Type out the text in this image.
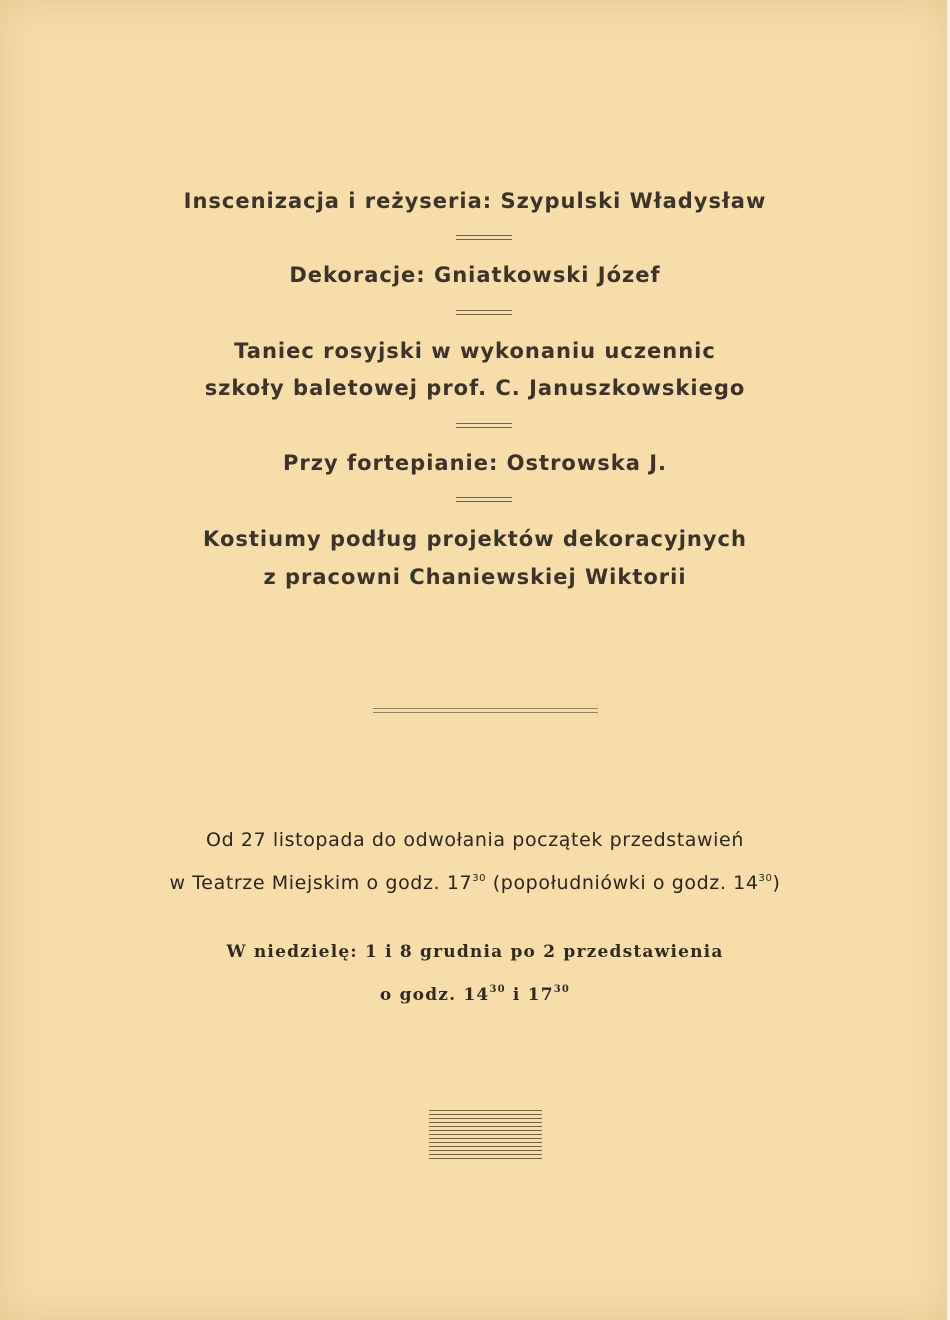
Inscenizacja i reżyseria: Szypulski Władysław
Dekoracje: Gniatkowski Józef
Taniec rosyjski w wykonaniu uczennic
szkoły baletowej prof. C. Januszkowskiego
Przy fortepianie: Ostrowska J.
Kostiumy podług projektów dekoracyjnych
z pracowni Chaniewskiej Wiktorii
Od 27 listopada do odwołania początek przedstawień
w Teatrze Miejskim o godz. $17^{30}$ (popołudniówki o godz. $14^{30}$)
W niedzielę: 1 i 8 grudnia po 2 przedstawienia
o godz. $14^{30}$ i $17^{30}$
